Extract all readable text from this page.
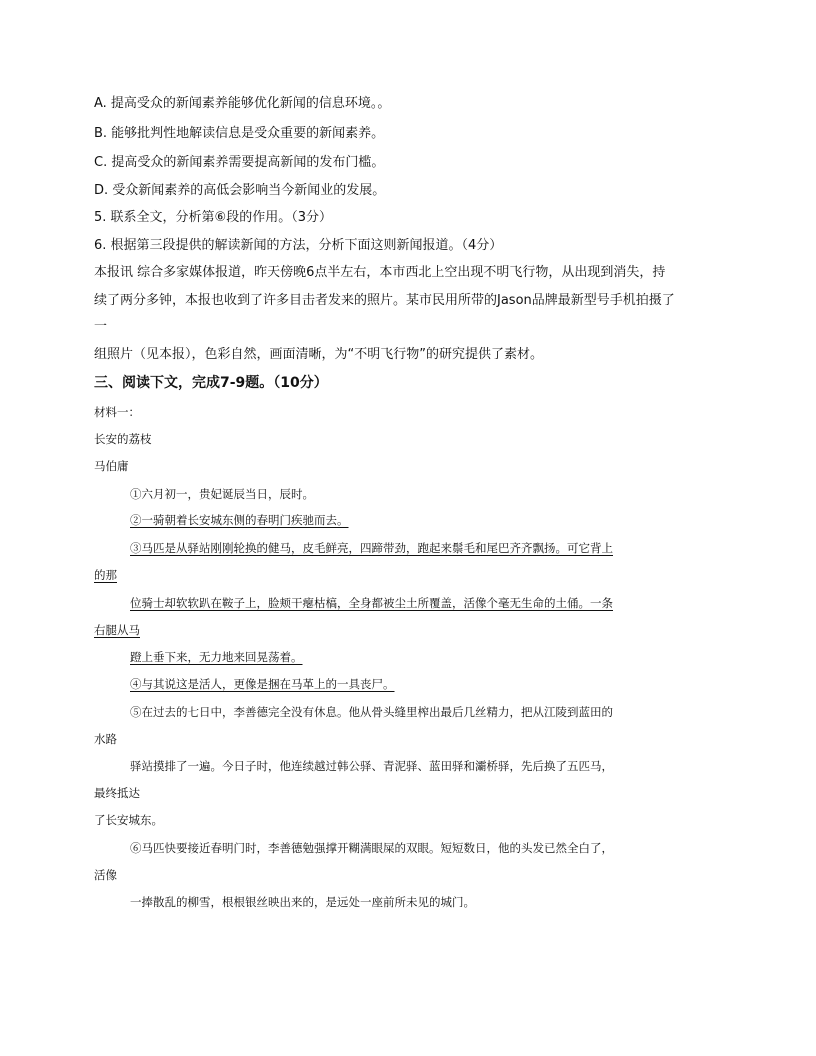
A. 提高受众的新闻素养能够优化新闻的信息环境。。
B. 能够批判性地解读信息是受众重要的新闻素养。
C. 提高受众的新闻素养需要提高新闻的发布门槛。
D. 受众新闻素养的高低会影响当今新闻业的发展。
5. 联系全文，分析第⑥段的作用。（3分）
6. 根据第三段提供的解读新闻的方法，分析下面这则新闻报道。（4分）
本报讯 综合多家媒体报道，昨天傍晚6点半左右，本市西北上空出现不明飞行物，从出现到消失，持
续了两分多钟，本报也收到了许多目击者发来的照片。某市民用所带的Jason品牌最新型号手机拍摄了
一
组照片（见本报），色彩自然，画面清晰，为“不明飞行物”的研究提供了素材。
三、阅读下文，完成7-9题。（10分）
材料一：
长安的荔枝
马伯庸
①六月初一，贵妃诞辰当日，辰时。
②一骑朝着长安城东侧的春明门疾驰而去。
③马匹是从驿站刚刚轮换的健马，皮毛鲜亮，四蹄带劲，跑起来鬃毛和尾巴齐齐飘扬。可它背上
的那
位骑士却软软趴在鞍子上，脸颊干瘪枯槁，全身都被尘土所覆盖，活像个毫无生命的土俑。一条
右腿从马
蹬上垂下来，无力地来回晃荡着。
④与其说这是活人，更像是捆在马革上的一具丧尸。
⑤在过去的七日中，李善德完全没有休息。他从骨头缝里榨出最后几丝精力，把从江陵到蓝田的
水路
驿站摸排了一遍。今日子时，他连续越过韩公驿、青泥驿、蓝田驿和灞桥驿，先后换了五匹马，
最终抵达
了长安城东。
⑥马匹快要接近春明门时，李善德勉强撑开糊满眼屎的双眼。短短数日，他的头发已然全白了，
活像
一捧散乱的柳雪，根根银丝映出来的，是远处一座前所未见的城门。
